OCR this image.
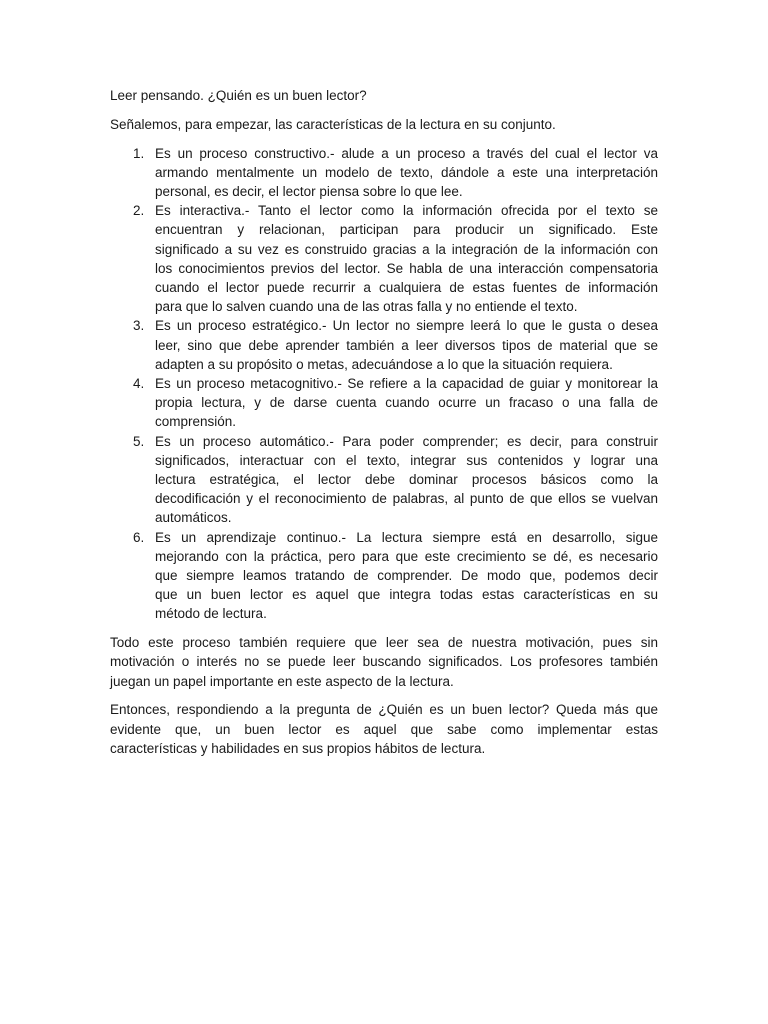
Leer pensando. ¿Quién es un buen lector?

Señalemos, para empezar, las características de la lectura en su conjunto.

1. Es un proceso constructivo.- alude a un proceso a través del cual el lector va
armando mentalmente un modelo de texto, dándole a este una interpretación
personal, es decir, el lector piensa sobre lo que lee.
2. Es interactiva.- Tanto el lector como la información ofrecida por el texto se
encuentran y relacionan, participan para producir un significado. Este
significado a su vez es construido gracias a la integración de la información con
los conocimientos previos del lector. Se habla de una interacción compensatoria
cuando el lector puede recurrir a cualquiera de estas fuentes de información
para que lo salven cuando una de las otras falla y no entiende el texto.
3. Es un proceso estratégico.- Un lector no siempre leerá lo que le gusta o desea
leer, sino que debe aprender también a leer diversos tipos de material que se
adapten a su propósito o metas, adecuándose a lo que la situación requiera.
4. Es un proceso metacognitivo.- Se refiere a la capacidad de guiar y monitorear la
propia lectura, y de darse cuenta cuando ocurre un fracaso o una falla de
comprensión.
5. Es un proceso automático.- Para poder comprender; es decir, para construir
significados, interactuar con el texto, integrar sus contenidos y lograr una
lectura estratégica, el lector debe dominar procesos básicos como la
decodificación y el reconocimiento de palabras, al punto de que ellos se vuelvan
automáticos.
6. Es un aprendizaje continuo.- La lectura siempre está en desarrollo, sigue
mejorando con la práctica, pero para que este crecimiento se dé, es necesario
que siempre leamos tratando de comprender. De modo que, podemos decir
que un buen lector es aquel que integra todas estas características en su
método de lectura.

Todo este proceso también requiere que leer sea de nuestra motivación, pues sin
motivación o interés no se puede leer buscando significados. Los profesores también
juegan un papel importante en este aspecto de la lectura.

Entonces, respondiendo a la pregunta de ¿Quién es un buen lector? Queda más que
evidente que, un buen lector es aquel que sabe como implementar estas
características y habilidades en sus propios hábitos de lectura.
